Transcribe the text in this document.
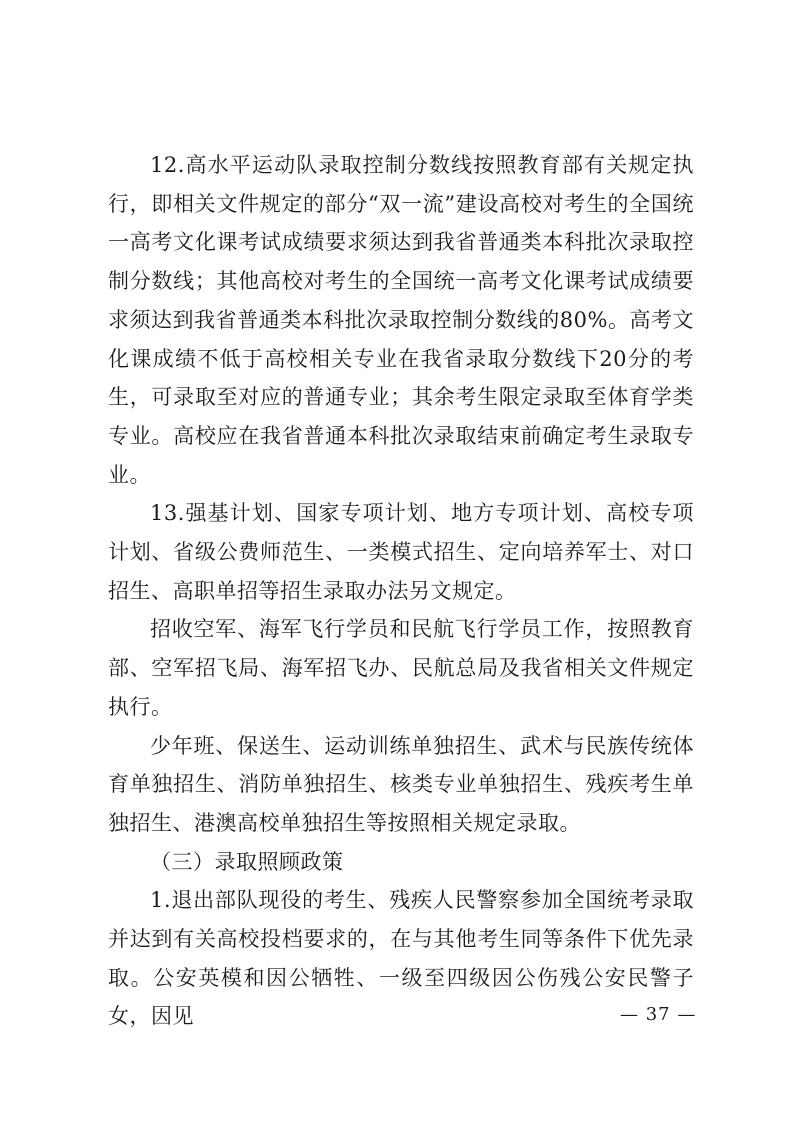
12.高水平运动队录取控制分数线按照教育部有关规定执行，即相关文件规定的部分“双一流”建设高校对考生的全国统一高考文化课考试成绩要求须达到我省普通类本科批次录取控制分数线；其他高校对考生的全国统一高考文化课考试成绩要求须达到我省普通类本科批次录取控制分数线的80%。高考文化课成绩不低于高校相关专业在我省录取分数线下20分的考生，可录取至对应的普通专业；其余考生限定录取至体育学类专业。高校应在我省普通本科批次录取结束前确定考生录取专业。

13.强基计划、国家专项计划、地方专项计划、高校专项计划、省级公费师范生、一类模式招生、定向培养军士、对口招生、高职单招等招生录取办法另文规定。

招收空军、海军飞行学员和民航飞行学员工作，按照教育部、空军招飞局、海军招飞办、民航总局及我省相关文件规定执行。

少年班、保送生、运动训练单独招生、武术与民族传统体育单独招生、消防单独招生、核类专业单独招生、残疾考生单独招生、港澳高校单独招生等按照相关规定录取。

（三）录取照顾政策

1.退出部队现役的考生、残疾人民警察参加全国统考录取并达到有关高校投档要求的，在与其他考生同等条件下优先录取。公安英模和因公牺牲、一级至四级因公伤残公安民警子女，因见	— 37 —
